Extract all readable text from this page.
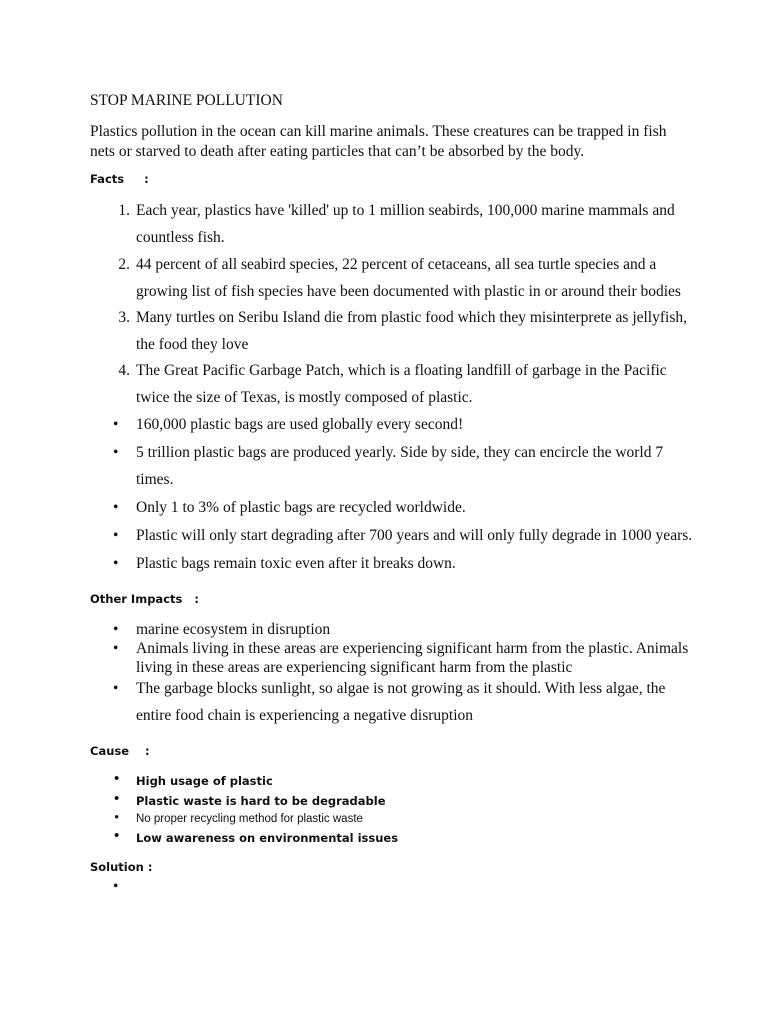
STOP MARINE POLLUTION

Plastics pollution in the ocean can kill marine animals. These creatures can be trapped in fish nets or starved to death after eating particles that can’t be absorbed by the body.

Facts     :
1. Each year, plastics have 'killed' up to 1 million seabirds, 100,000 marine mammals and countless fish.
2. 44 percent of all seabird species, 22 percent of cetaceans, all sea turtle species and a growing list of fish species have been documented with plastic in or around their bodies
3. Many turtles on Seribu Island die from plastic food which they misinterprete as jellyfish, the food they love
4. The Great Pacific Garbage Patch, which is a floating landfill of garbage in the Pacific twice the size of Texas, is mostly composed of plastic.
• 160,000 plastic bags are used globally every second!
• 5 trillion plastic bags are produced yearly. Side by side, they can encircle the world 7 times.
• Only 1 to 3% of plastic bags are recycled worldwide.
• Plastic will only start degrading after 700 years and will only fully degrade in 1000 years.
• Plastic bags remain toxic even after it breaks down.
Other Impacts   :
• marine ecosystem in disruption
• Animals living in these areas are experiencing significant harm from the plastic. Animals living in these areas are experiencing significant harm from the plastic
• The garbage blocks sunlight, so algae is not growing as it should. With less algae, the entire food chain is experiencing a negative disruption
Cause    :
• High usage of plastic
• Plastic waste is hard to be degradable
• No proper recycling method for plastic waste
• Low awareness on environmental issues
Solution :
•
